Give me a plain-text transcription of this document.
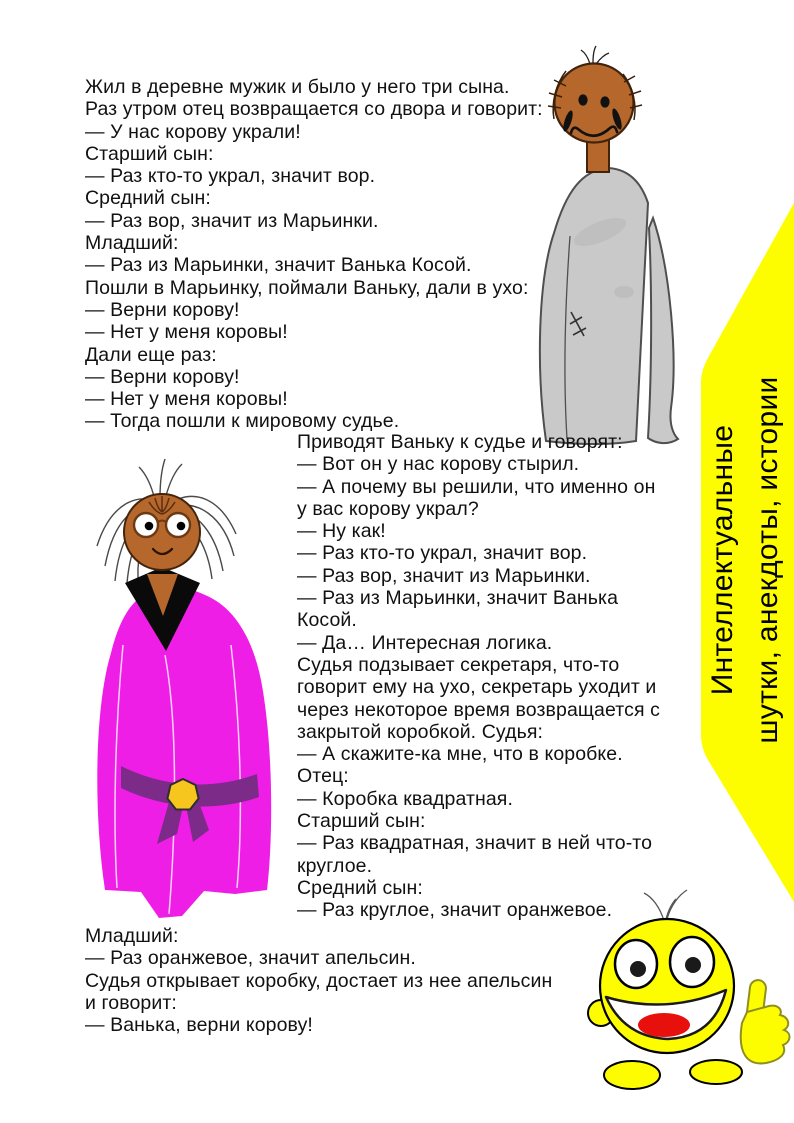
Жил в деревне мужик и было у него три сына.
Раз утром отец возвращается со двора и говорит:
— У нас корову украли!
Старший сын:
— Раз кто-то украл, значит вор.
Средний сын:
— Раз вор, значит из Марьинки.
Младший:
— Раз из Марьинки, значит Ванька Косой.
Пошли в Марьинку, поймали Ваньку, дали в ухо:
— Верни корову!
— Нет у меня коровы!
Дали еще раз:
— Верни корову!
— Нет у меня коровы!
— Тогда пошли к мировому судье.
Приводят Ваньку к судье и говорят:
— Вот он у нас корову стырил.
— А почему вы решили, что именно он
у вас корову украл?
— Ну как!
— Раз кто-то украл, значит вор.
— Раз вор, значит из Марьинки.
— Раз из Марьинки, значит Ванька
Косой.
— Да… Интересная логика.
Судья подзывает секретаря, что-то
говорит ему на ухо, секретарь уходит и
через некоторое время возвращается с
закрытой коробкой. Судья:
— А скажите-ка мне, что в коробке.
Отец:
— Коробка квадратная.
Старший сын:
— Раз квадратная, значит в ней что-то
круглое.
Средний сын:
— Раз круглое, значит оранжевое.
Младший:
— Раз оранжевое, значит апельсин.
Судья открывает коробку, достает из нее апельсин
и говорит:
— Ванька, верни корову!
Интеллектуальные шутки, анекдоты, истории
